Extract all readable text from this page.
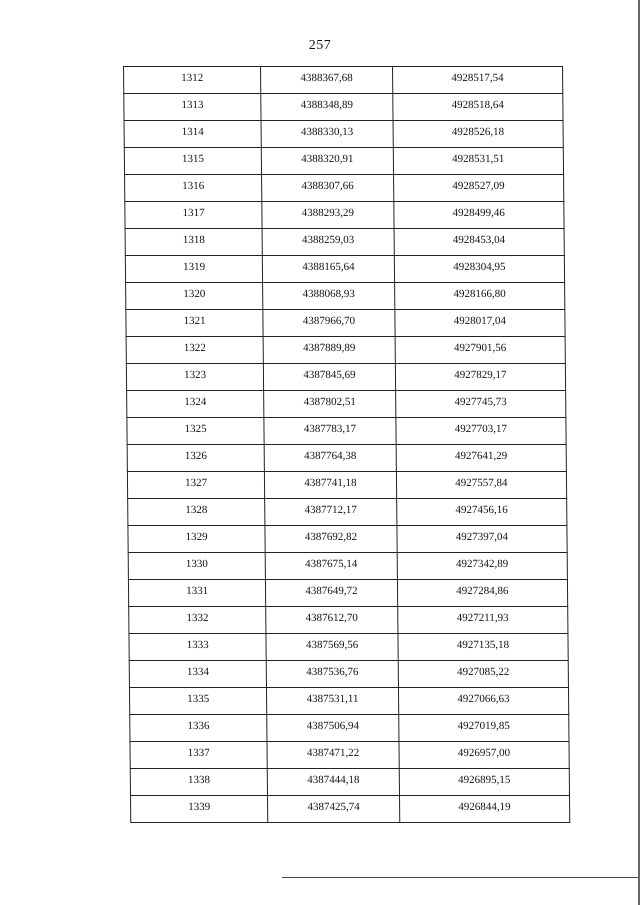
257
1312	4388367,68	4928517,54

1313	4388348,89	4928518,64

1314	4388330,13	4928526,18

1315	4388320,91	4928531,51

1316	4388307,66	4928527,09

1317	4388293,29	4928499,46

1318	4388259,03	4928453,04

1319	4388165,64	4928304,95

1320	4388068,93	4928166,80

1321	4387966,70	4928017,04

1322	4387889,89	4927901,56

1323	4387845,69	4927829,17

1324	4387802,51	4927745,73

1325	4387783,17	4927703,17

1326	4387764,38	4927641,29

1327	4387741,18	4927557,84

1328	4387712,17	4927456,16

1329	4387692,82	4927397,04

1330	4387675,14	4927342,89

1331	4387649,72	4927284,86

1332	4387612,70	4927211,93

1333	4387569,56	4927135,18

1334	4387536,76	4927085,22

1335	4387531,11	4927066,63

1336	4387506,94	4927019,85

1337	4387471,22	4926957,00

1338	4387444,18	4926895,15

1339	4387425,74	4926844,19
